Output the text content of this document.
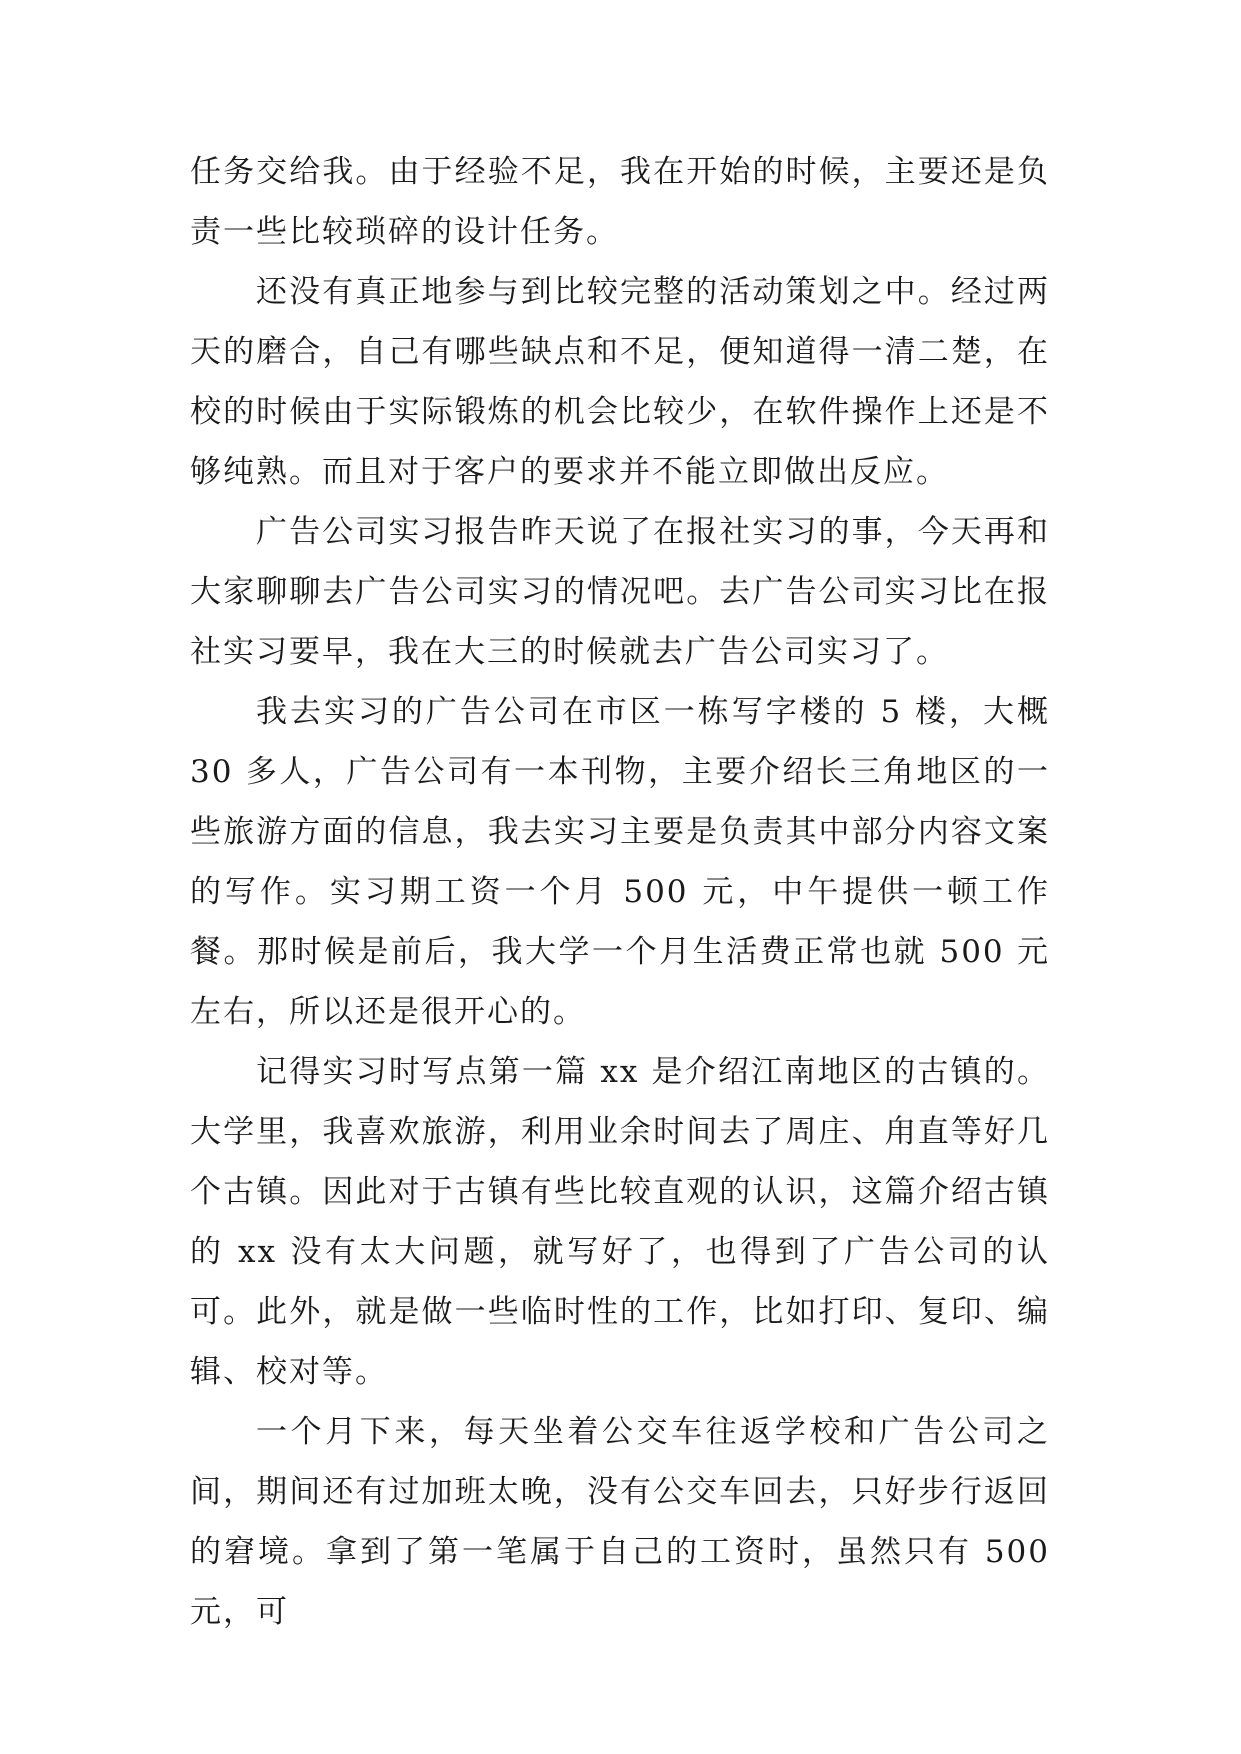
任务交给我。由于经验不足，我在开始的时候，主要还是负责一些比较琐碎的设计任务。

还没有真正地参与到比较完整的活动策划之中。经过两天的磨合，自己有哪些缺点和不足，便知道得一清二楚，在校的时候由于实际锻炼的机会比较少，在软件操作上还是不够纯熟。而且对于客户的要求并不能立即做出反应。

广告公司实习报告昨天说了在报社实习的事，今天再和大家聊聊去广告公司实习的情况吧。去广告公司实习比在报社实习要早，我在大三的时候就去广告公司实习了。

我去实习的广告公司在市区一栋写字楼的 5 楼，大概 30 多人，广告公司有一本刊物，主要介绍长三角地区的一些旅游方面的信息，我去实习主要是负责其中部分内容文案的写作。实习期工资一个月 500 元，中午提供一顿工作餐。那时候是前后，我大学一个月生活费正常也就 500 元左右，所以还是很开心的。

记得实习时写点第一篇 xx 是介绍江南地区的古镇的。大学里，我喜欢旅游，利用业余时间去了周庄、甪直等好几个古镇。因此对于古镇有些比较直观的认识，这篇介绍古镇的 xx 没有太大问题，就写好了，也得到了广告公司的认可。此外，就是做一些临时性的工作，比如打印、复印、编辑、校对等。

一个月下来，每天坐着公交车往返学校和广告公司之间，期间还有过加班太晚，没有公交车回去，只好步行返回的窘境。拿到了第一笔属于自己的工资时，虽然只有 500 元，可
